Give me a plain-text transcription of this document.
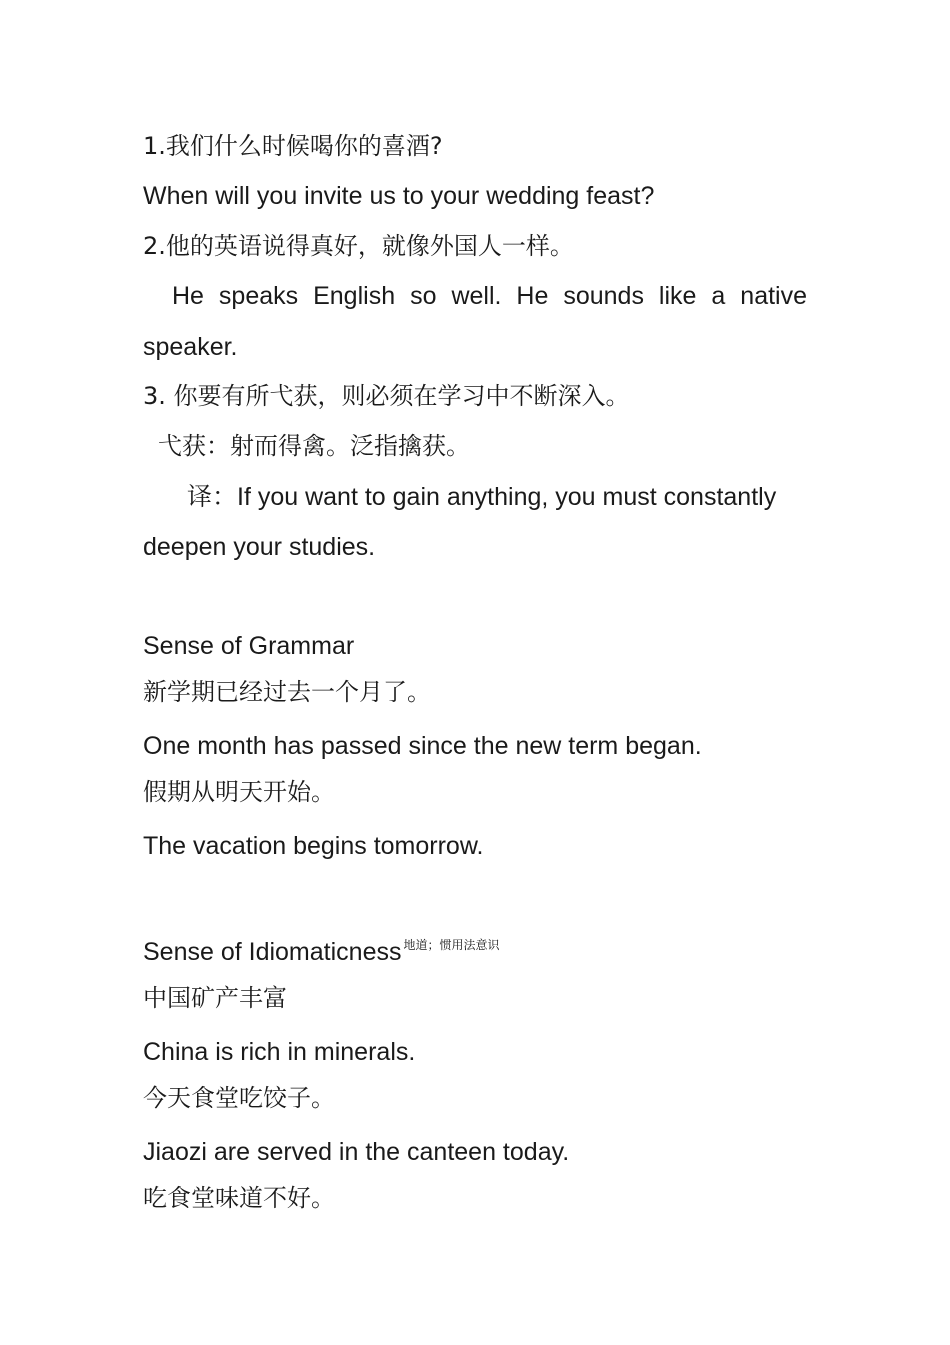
1.我们什么时候喝你的喜酒?
When will you invite us to your wedding feast?
2.他的英语说得真好，就像外国人一样。
He speaks English so well. He sounds like a native
speaker.
3. 你要有所弋获，则必须在学习中不断深入。
弋获：射而得禽。泛指擒获。
译：If you want to gain anything, you must constantly
deepen your studies.
Sense of Grammar
新学期已经过去一个月了。
One month has passed since the new term began.
假期从明天开始。
The vacation begins tomorrow.
Sense of Idiomaticness $^{地道;惯用法意识}$
中国矿产丰富
China is rich in minerals.
今天食堂吃饺子。
Jiaozi are served in the canteen today.
吃食堂味道不好。
